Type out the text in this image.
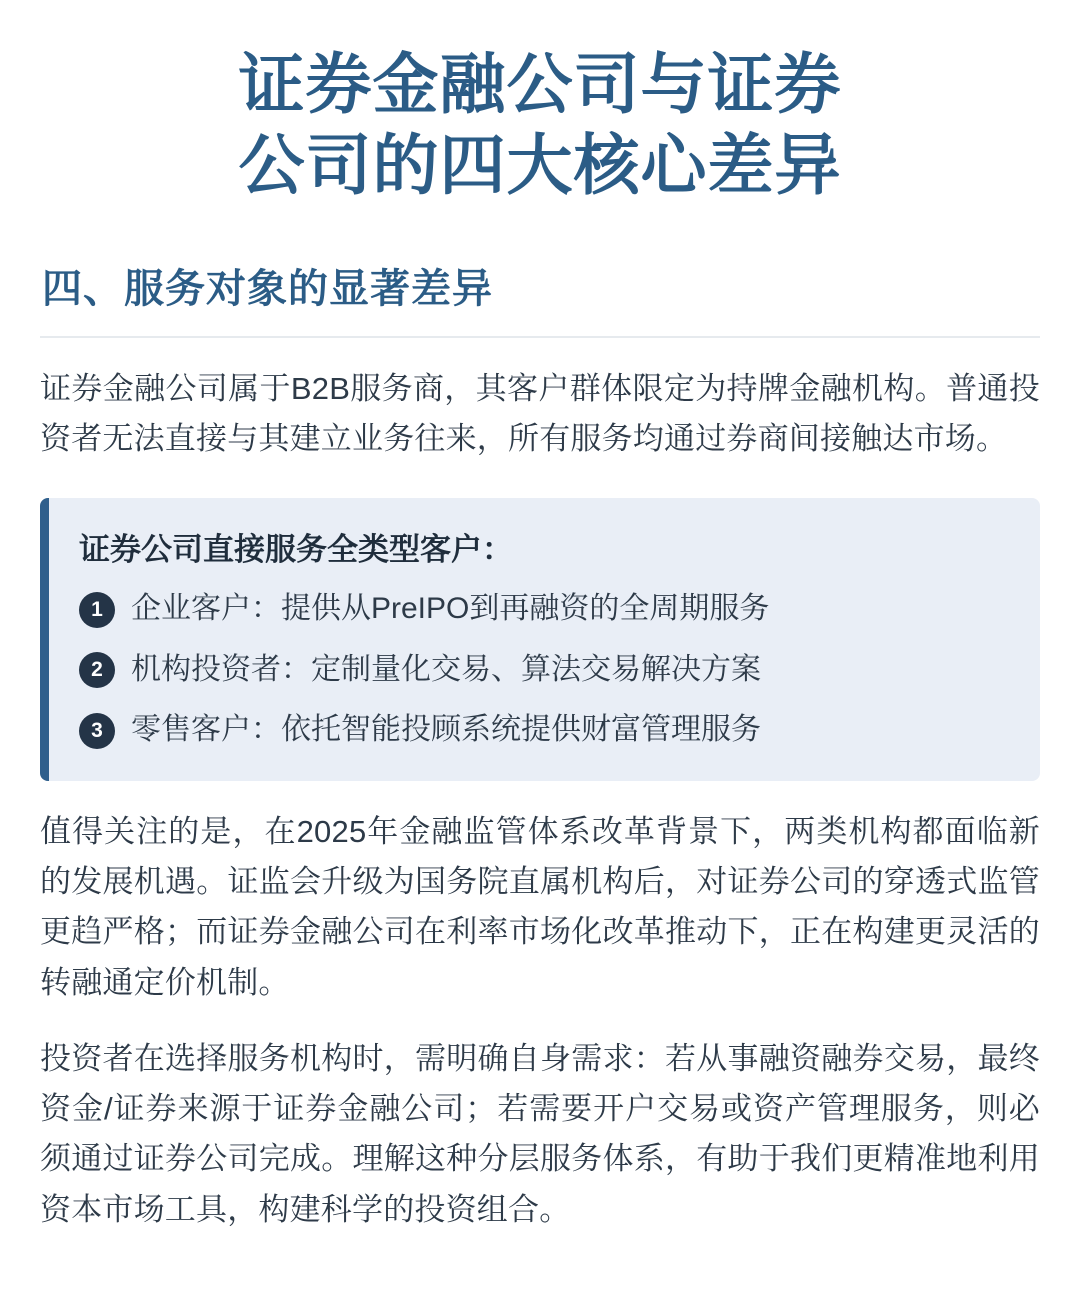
证券金融公司与证券
公司的四大核心差异
四、服务对象的显著差异

证券金融公司属于B2B服务商，其客户群体限定为持牌金融机构。普通投资者无法直接与其建立业务往来，所有服务均通过券商间接触达市场。

证券公司直接服务全类型客户：
1 企业客户：提供从PreIPO到再融资的全周期服务
2 机构投资者：定制量化交易、算法交易解决方案
3 零售客户：依托智能投顾系统提供财富管理服务

值得关注的是，在2025年金融监管体系改革背景下，两类机构都面临新的发展机遇。证监会升级为国务院直属机构后，对证券公司的穿透式监管更趋严格；而证券金融公司在利率市场化改革推动下，正在构建更灵活的转融通定价机制。

投资者在选择服务机构时，需明确自身需求：若从事融资融券交易，最终资金/证券来源于证券金融公司；若需要开户交易或资产管理服务，则必须通过证券公司完成。理解这种分层服务体系，有助于我们更精准地利用资本市场工具，构建科学的投资组合。
